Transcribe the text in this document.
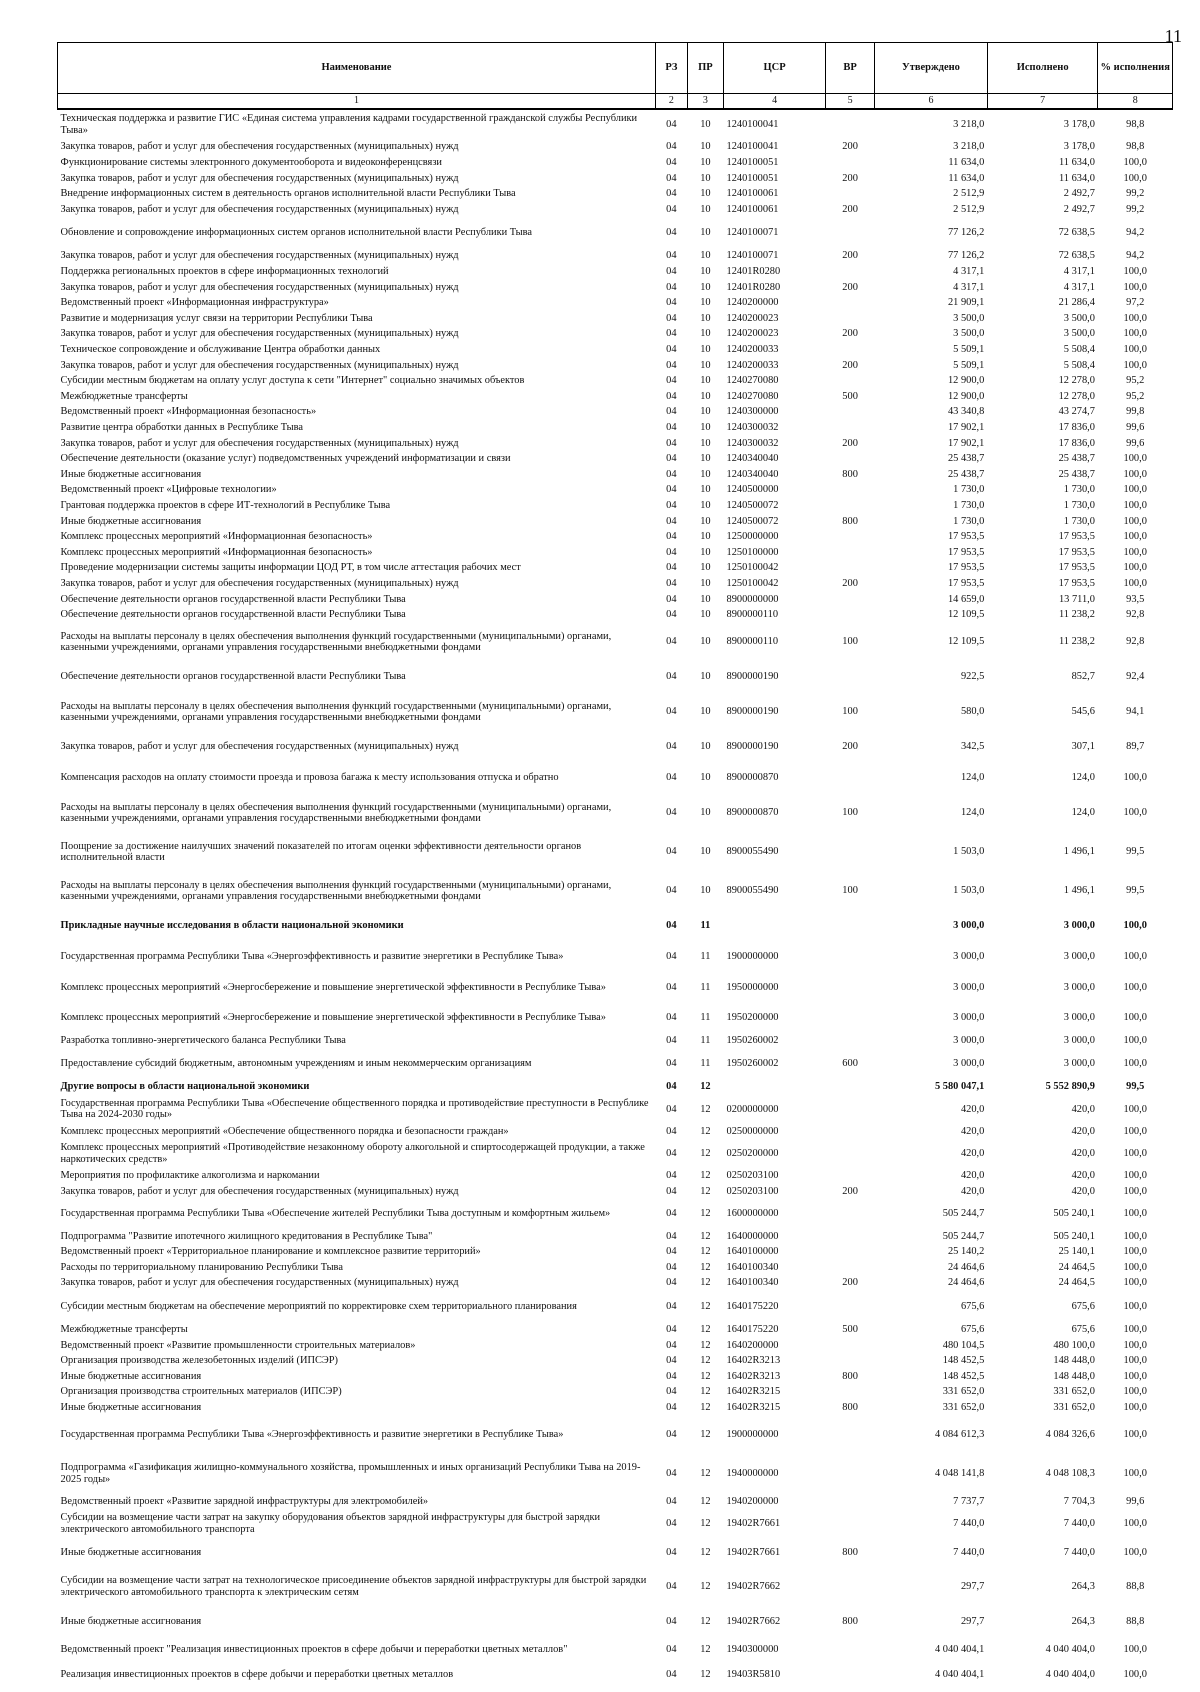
11
Наименование	РЗ	ПР	ЦСР	ВР	Утверждено	Исполнено	% исполнения
1	2	3	4	5	6	7	8
Техническая поддержка и развитие ГИС «Единая система управления кадрами государственной гражданской службы Республики Тыва»	04	10	1240100041		3 218,0	3 178,0	98,8
Закупка товаров, работ и услуг для обеспечения государственных (муниципальных) нужд	04	10	1240100041	200	3 218,0	3 178,0	98,8
Функционирование системы электронного документооборота и видеоконференцсвязи	04	10	1240100051		11 634,0	11 634,0	100,0
Закупка товаров, работ и услуг для обеспечения государственных (муниципальных) нужд	04	10	1240100051	200	11 634,0	11 634,0	100,0
Внедрение информационных систем в деятельность органов исполнительной власти Республики Тыва	04	10	1240100061		2 512,9	2 492,7	99,2
Закупка товаров, работ и услуг для обеспечения государственных (муниципальных) нужд	04	10	1240100061	200	2 512,9	2 492,7	99,2
Обновление и сопровождение информационных систем органов исполнительной власти Республики Тыва	04	10	1240100071		77 126,2	72 638,5	94,2
Закупка товаров, работ и услуг для обеспечения государственных (муниципальных) нужд	04	10	1240100071	200	77 126,2	72 638,5	94,2
Поддержка региональных проектов в сфере информационных технологий	04	10	12401R0280		4 317,1	4 317,1	100,0
Закупка товаров, работ и услуг для обеспечения государственных (муниципальных) нужд	04	10	12401R0280	200	4 317,1	4 317,1	100,0
Ведомственный проект «Информационная инфраструктура»	04	10	1240200000		21 909,1	21 286,4	97,2
Развитие и модернизация услуг связи на территории Республики Тыва	04	10	1240200023		3 500,0	3 500,0	100,0
Закупка товаров, работ и услуг для обеспечения государственных (муниципальных) нужд	04	10	1240200023	200	3 500,0	3 500,0	100,0
Техническое сопровождение и обслуживание Центра обработки данных	04	10	1240200033		5 509,1	5 508,4	100,0
Закупка товаров, работ и услуг для обеспечения государственных (муниципальных) нужд	04	10	1240200033	200	5 509,1	5 508,4	100,0
Субсидии местным бюджетам на оплату услуг доступа к сети "Интернет" социально значимых объектов	04	10	1240270080		12 900,0	12 278,0	95,2
Межбюджетные трансферты	04	10	1240270080	500	12 900,0	12 278,0	95,2
Ведомственный проект «Информационная безопасность»	04	10	1240300000		43 340,8	43 274,7	99,8
Развитие центра обработки данных в Республике Тыва	04	10	1240300032		17 902,1	17 836,0	99,6
Закупка товаров, работ и услуг для обеспечения государственных (муниципальных) нужд	04	10	1240300032	200	17 902,1	17 836,0	99,6
Обеспечение деятельности (оказание услуг) подведомственных учреждений информатизации и связи	04	10	1240340040		25 438,7	25 438,7	100,0
Иные бюджетные ассигнования	04	10	1240340040	800	25 438,7	25 438,7	100,0
Ведомственный проект «Цифровые технологии»	04	10	1240500000		1 730,0	1 730,0	100,0
Грантовая поддержка проектов в сфере ИТ-технологий в Республике Тыва	04	10	1240500072		1 730,0	1 730,0	100,0
Иные бюджетные ассигнования	04	10	1240500072	800	1 730,0	1 730,0	100,0
Комплекс процессных мероприятий «Информационная безопасность»	04	10	1250000000		17 953,5	17 953,5	100,0
Комплекс процессных мероприятий «Информационная безопасность»	04	10	1250100000		17 953,5	17 953,5	100,0
Проведение модернизации системы защиты информации ЦОД РТ, в том числе аттестация рабочих мест	04	10	1250100042		17 953,5	17 953,5	100,0
Закупка товаров, работ и услуг для обеспечения государственных (муниципальных) нужд	04	10	1250100042	200	17 953,5	17 953,5	100,0
Обеспечение деятельности органов государственной власти Республики Тыва	04	10	8900000000		14 659,0	13 711,0	93,5
Обеспечение деятельности органов государственной власти Республики Тыва	04	10	8900000110		12 109,5	11 238,2	92,8
Расходы на выплаты персоналу в целях обеспечения выполнения функций государственными (муниципальными) органами, казенными учреждениями, органами управления государственными внебюджетными фондами	04	10	8900000110	100	12 109,5	11 238,2	92,8
Обеспечение деятельности органов государственной власти Республики Тыва	04	10	8900000190		922,5	852,7	92,4
Расходы на выплаты персоналу в целях обеспечения выполнения функций государственными (муниципальными) органами, казенными учреждениями, органами управления государственными внебюджетными фондами	04	10	8900000190	100	580,0	545,6	94,1
Закупка товаров, работ и услуг для обеспечения государственных (муниципальных) нужд	04	10	8900000190	200	342,5	307,1	89,7
Компенсация расходов на оплату стоимости проезда и провоза багажа к месту использования отпуска и обратно	04	10	8900000870		124,0	124,0	100,0
Расходы на выплаты персоналу в целях обеспечения выполнения функций государственными (муниципальными) органами, казенными учреждениями, органами управления государственными внебюджетными фондами	04	10	8900000870	100	124,0	124,0	100,0
Поощрение за достижение наилучших значений показателей по итогам оценки эффективности деятельности органов исполнительной власти	04	10	8900055490		1 503,0	1 496,1	99,5
Расходы на выплаты персоналу в целях обеспечения выполнения функций государственными (муниципальными) органами, казенными учреждениями, органами управления государственными внебюджетными фондами	04	10	8900055490	100	1 503,0	1 496,1	99,5
Прикладные научные исследования в области национальной экономики	04	11			3 000,0	3 000,0	100,0
Государственная программа Республики Тыва «Энергоэффективность и развитие энергетики в Республике Тыва»	04	11	1900000000		3 000,0	3 000,0	100,0
Комплекс процессных мероприятий «Энергосбережение и повышение энергетической эффективности в Республике Тыва»	04	11	1950000000		3 000,0	3 000,0	100,0
Комплекс процессных мероприятий «Энергосбережение и повышение энергетической эффективности в Республике Тыва»	04	11	1950200000		3 000,0	3 000,0	100,0
Разработка топливно-энергетического баланса Республики Тыва	04	11	1950260002		3 000,0	3 000,0	100,0
Предоставление субсидий бюджетным, автономным учреждениям и иным некоммерческим организациям	04	11	1950260002	600	3 000,0	3 000,0	100,0
Другие вопросы в области национальной экономики	04	12			5 580 047,1	5 552 890,9	99,5
Государственная программа Республики Тыва «Обеспечение общественного порядка и противодействие преступности в Республике Тыва на 2024-2030 годы»	04	12	0200000000		420,0	420,0	100,0
Комплекс процессных мероприятий «Обеспечение общественного порядка и безопасности граждан»	04	12	0250000000		420,0	420,0	100,0
Комплекс процессных мероприятий «Противодействие незаконному обороту алкогольной и спиртосодержащей продукции, а также наркотических средств»	04	12	0250200000		420,0	420,0	100,0
Мероприятия по профилактике алкоголизма и наркомании	04	12	0250203100		420,0	420,0	100,0
Закупка товаров, работ и услуг для обеспечения государственных (муниципальных) нужд	04	12	0250203100	200	420,0	420,0	100,0
Государственная программа Республики Тыва «Обеспечение жителей Республики Тыва доступным и комфортным жильем»	04	12	1600000000		505 244,7	505 240,1	100,0
Подпрограмма "Развитие ипотечного жилищного кредитования в Республике Тыва"	04	12	1640000000		505 244,7	505 240,1	100,0
Ведомственный проект «Территориальное планирование и комплексное развитие территорий»	04	12	1640100000		25 140,2	25 140,1	100,0
Расходы по территориальному планированию Республики Тыва	04	12	1640100340		24 464,6	24 464,5	100,0
Закупка товаров, работ и услуг для обеспечения государственных (муниципальных) нужд	04	12	1640100340	200	24 464,6	24 464,5	100,0
Субсидии местным бюджетам на обеспечение мероприятий по корректировке схем территориального планирования	04	12	1640175220		675,6	675,6	100,0
Межбюджетные трансферты	04	12	1640175220	500	675,6	675,6	100,0
Ведомственный проект «Развитие промышленности строительных материалов»	04	12	1640200000		480 104,5	480 100,0	100,0
Организация производства железобетонных изделий (ИПСЭР)	04	12	16402R3213		148 452,5	148 448,0	100,0
Иные бюджетные ассигнования	04	12	16402R3213	800	148 452,5	148 448,0	100,0
Организация производства строительных материалов (ИПСЭР)	04	12	16402R3215		331 652,0	331 652,0	100,0
Иные бюджетные ассигнования	04	12	16402R3215	800	331 652,0	331 652,0	100,0
Государственная программа Республики Тыва «Энергоэффективность и развитие энергетики в Республике Тыва»	04	12	1900000000		4 084 612,3	4 084 326,6	100,0
Подпрограмма «Газификация жилищно-коммунального хозяйства, промышленных и иных организаций Республики Тыва на 2019-2025 годы»	04	12	1940000000		4 048 141,8	4 048 108,3	100,0
Ведомственный проект «Развитие зарядной инфраструктуры для электромобилей»	04	12	1940200000		7 737,7	7 704,3	99,6
Субсидии на возмещение части затрат на закупку оборудования объектов зарядной инфраструктуры для быстрой зарядки электрического автомобильного транспорта	04	12	19402R7661		7 440,0	7 440,0	100,0
Иные бюджетные ассигнования	04	12	19402R7661	800	7 440,0	7 440,0	100,0
Субсидии на возмещение части затрат на технологическое присоединение объектов зарядной инфраструктуры для быстрой зарядки электрического автомобильного транспорта к электрическим сетям	04	12	19402R7662		297,7	264,3	88,8
Иные бюджетные ассигнования	04	12	19402R7662	800	297,7	264,3	88,8
Ведомственный проект "Реализация инвестиционных проектов в сфере добычи и переработки цветных металлов"	04	12	1940300000		4 040 404,1	4 040 404,0	100,0
Реализация инвестиционных проектов в сфере добычи и переработки цветных металлов	04	12	19403R5810		4 040 404,1	4 040 404,0	100,0
